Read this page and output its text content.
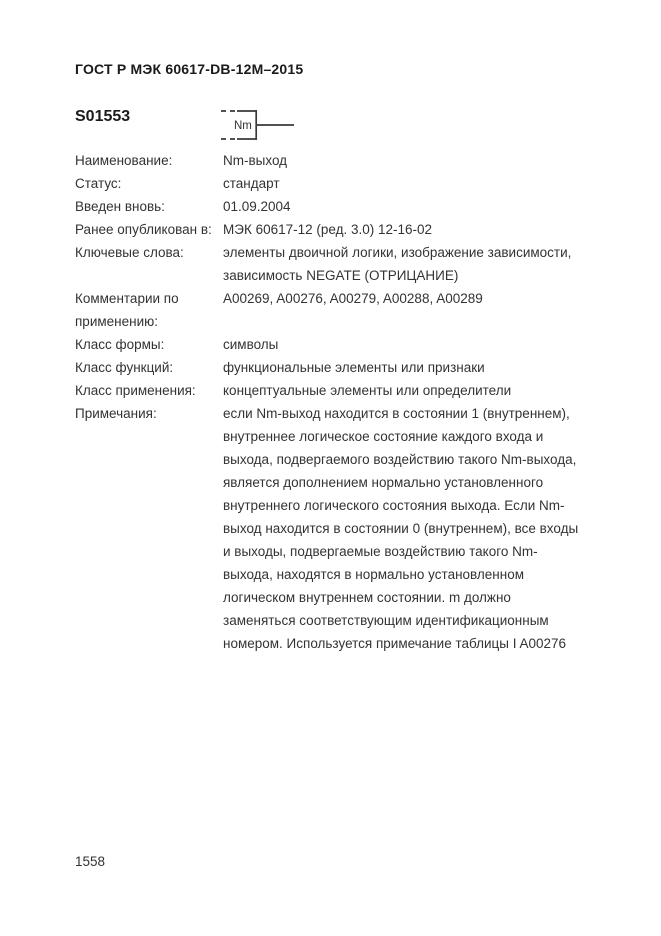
ГОСТ Р МЭК 60617-DB-12M–2015
S01553
Nm
Наименование:	Nm-выход
Статус:	стандарт
Введен вновь:	01.09.2004
Ранее опубликован в: МЭК 60617-12 (ред. 3.0) 12-16-02
Ключевые слова:	элементы двоичной логики, изображение зависимости, зависимость NEGATE (ОТРИЦАНИЕ)
Комментарии по применению:
A00269, A00276, A00279, A00288, A00289
Класс формы:	символы
Класс функций:	функциональные элементы или признаки
Класс применения:	концептуальные элементы или определители
Примечания:	если Nm-выход находится в состоянии 1 (внутреннем), внутреннее логическое состояние каждого входа и выхода, подвергаемого воздействию такого Nm-выхода, является дополнением нормально установленного внутреннего логического состояния выхода. Если Nm-выход находится в состоянии 0 (внутреннем), все входы и выходы, подвергаемые воздействию такого Nm-выхода, находятся в нормально установленном логическом внутреннем состоянии. m должно заменяться соответствующим идентификационным номером. Используется примечание таблицы I A00276
1558
